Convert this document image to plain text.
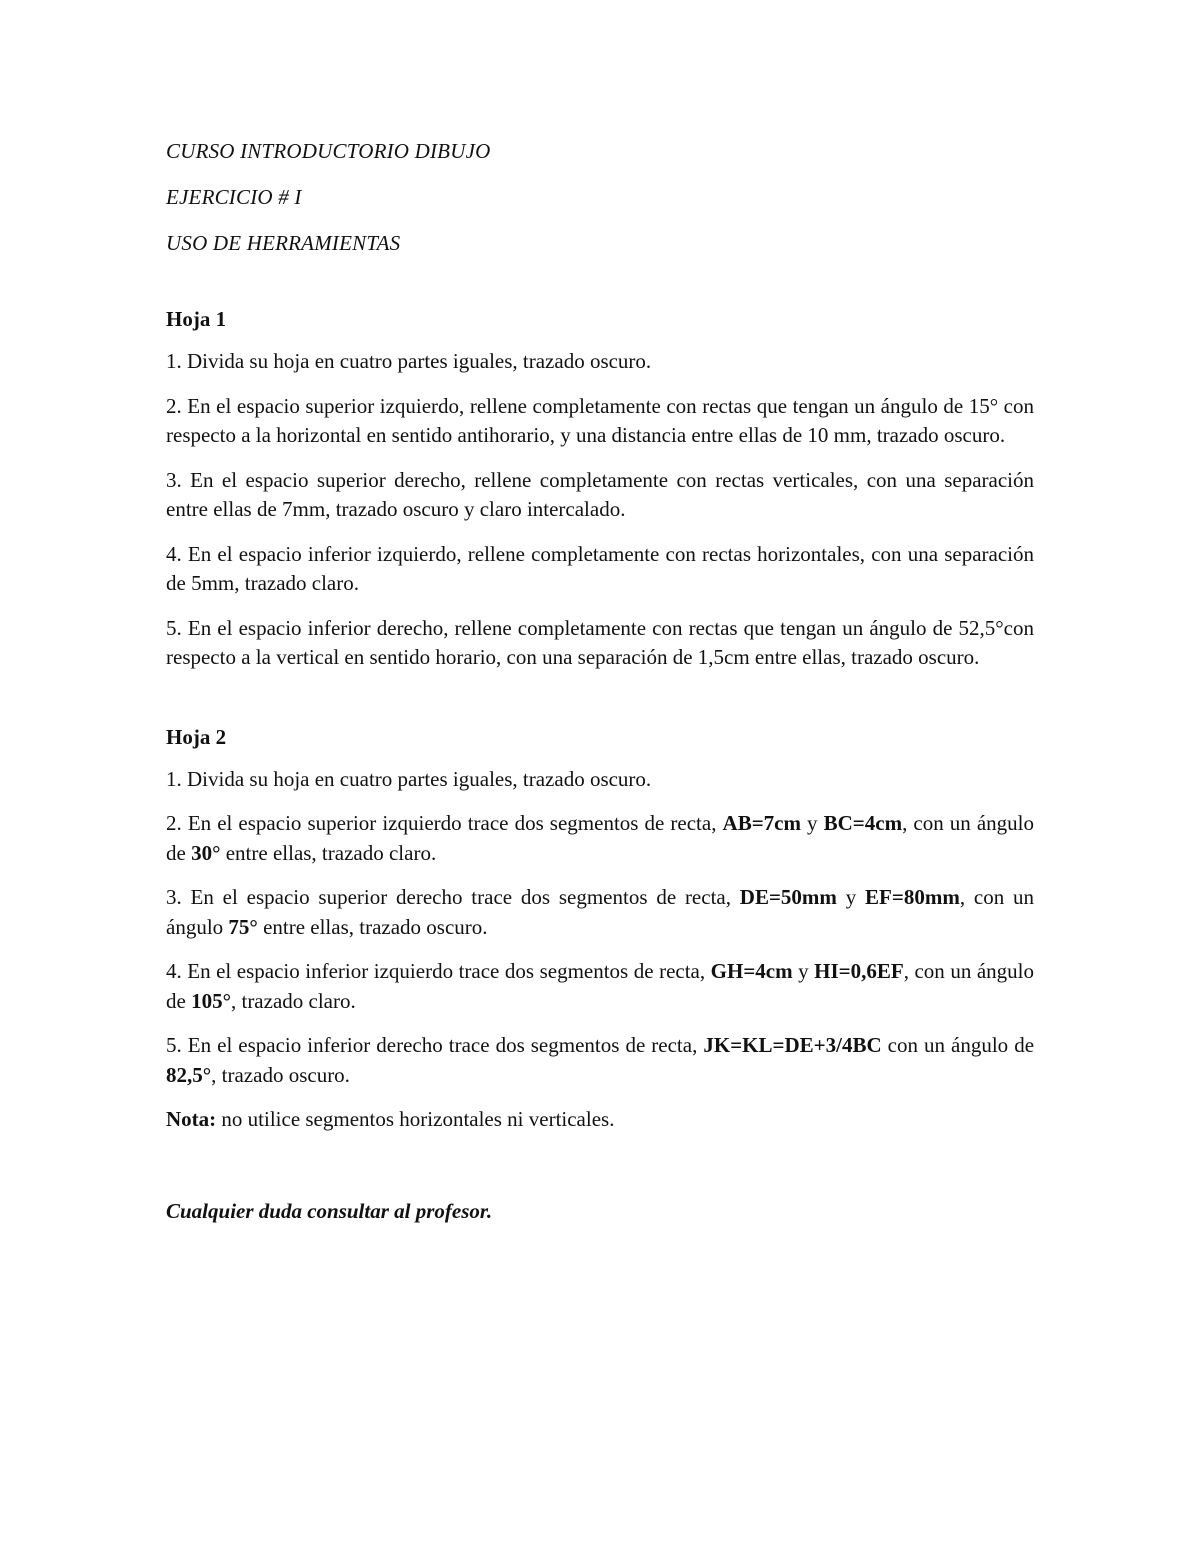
CURSO INTRODUCTORIO DIBUJO

EJERCICIO # I

USO DE HERRAMIENTAS

Hoja 1

1. Divida su hoja en cuatro partes iguales, trazado oscuro.

2. En el espacio superior izquierdo, rellene completamente con rectas que tengan un ángulo de 15° con respecto a la horizontal en sentido antihorario, y una distancia entre ellas de 10 mm, trazado oscuro.

3. En el espacio superior derecho, rellene completamente con rectas verticales, con una separación entre ellas de 7mm, trazado oscuro y claro intercalado.

4. En el espacio inferior izquierdo, rellene completamente con rectas horizontales, con una separación de 5mm, trazado claro.

5. En el espacio inferior derecho, rellene completamente con rectas que tengan un ángulo de 52,5°con respecto a la vertical en sentido horario, con una separación de 1,5cm entre ellas, trazado oscuro.

Hoja 2

1. Divida su hoja en cuatro partes iguales, trazado oscuro.

2. En el espacio superior izquierdo trace dos segmentos de recta, AB=7cm y BC=4cm, con un ángulo de 30° entre ellas, trazado claro.

3. En el espacio superior derecho trace dos segmentos de recta, DE=50mm y EF=80mm, con un ángulo 75° entre ellas, trazado oscuro.

4. En el espacio inferior izquierdo trace dos segmentos de recta, GH=4cm y HI=0,6EF, con un ángulo de 105°, trazado claro.

5. En el espacio inferior derecho trace dos segmentos de recta, JK=KL=DE+3/4BC con un ángulo de 82,5°, trazado oscuro.

Nota: no utilice segmentos horizontales ni verticales.

Cualquier duda consultar al profesor.
